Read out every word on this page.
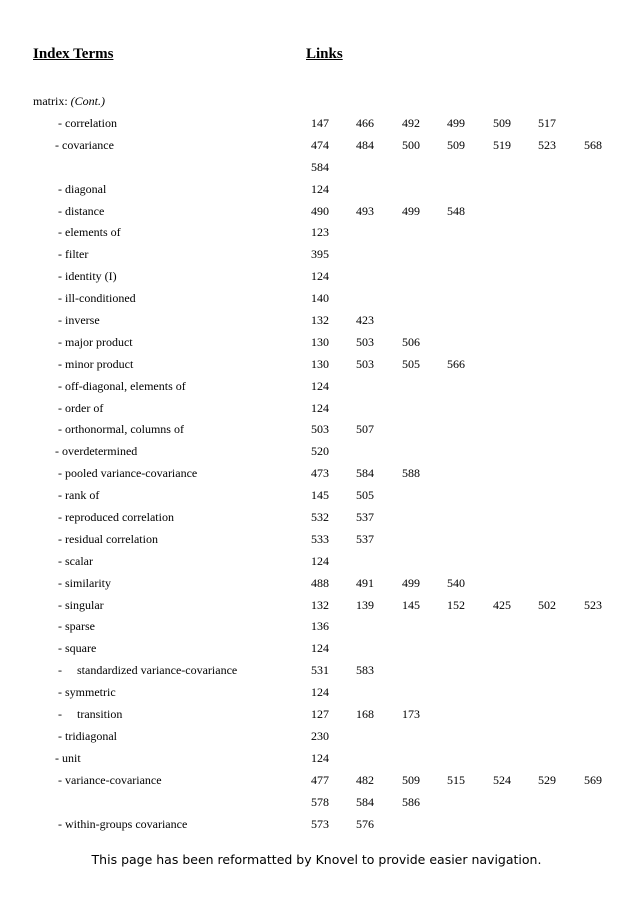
Index Terms	Links
matrix: (Cont.)
- correlation	147 466 492 499 509 517
- covariance	474 484 500 509 519 523 568
584
- diagonal	124
- distance	490 493 499 548
- elements of	123
- filter	395
- identity (I)	124
- ill-conditioned	140
- inverse	132 423
- major product	130 503 506
- minor product	130 503 505 566
- off-diagonal, elements of	124
- order of	124
- orthonormal, columns of	503 507
- overdetermined	520
- pooled variance-covariance	473 584 588
- rank of	145 505
- reproduced correlation	532 537
- residual correlation	533 537
- scalar	124
- similarity	488 491 499 540
- singular	132 139 145 152 425 502 523
- sparse	136
- square	124
-     standardized variance-covariance	531 583
- symmetric	124
-     transition	127 168 173
- tridiagonal	230
- unit	124
- variance-covariance	477 482 509 515 524 529 569
578 584 586
- within-groups covariance	573 576
This page has been reformatted by Knovel to provide easier navigation.
